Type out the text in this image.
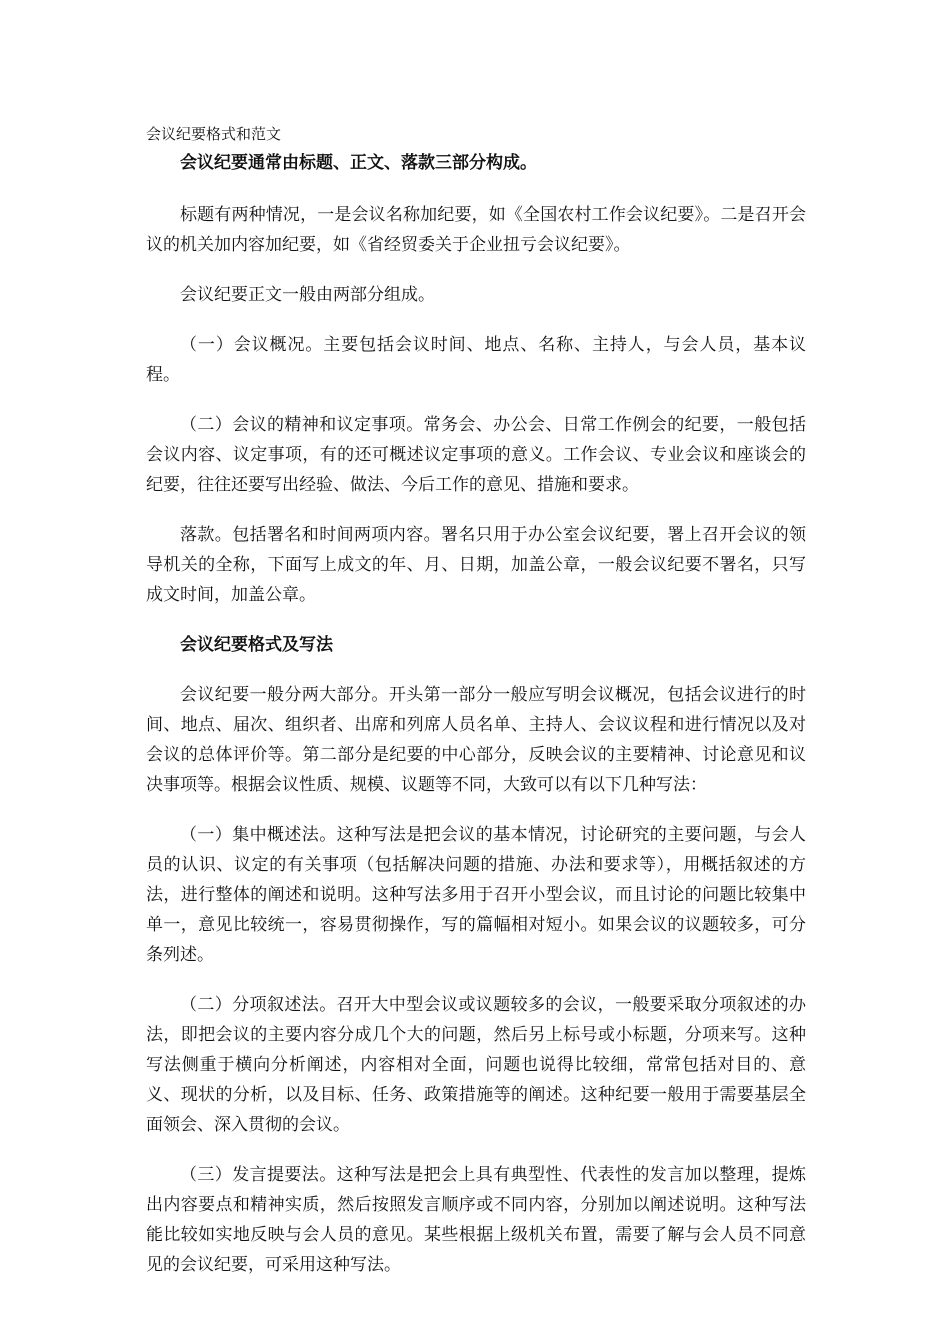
会议纪要格式和范文

会议纪要通常由标题、正文、落款三部分构成。

标题有两种情况，一是会议名称加纪要，如《全国农村工作会议纪要》。二是召开会议的机关加内容加纪要，如《省经贸委关于企业扭亏会议纪要》。

会议纪要正文一般由两部分组成。

（一）会议概况。主要包括会议时间、地点、名称、主持人，与会人员，基本议程。

（二）会议的精神和议定事项。常务会、办公会、日常工作例会的纪要，一般包括会议内容、议定事项，有的还可概述议定事项的意义。工作会议、专业会议和座谈会的纪要，往往还要写出经验、做法、今后工作的意见、措施和要求。

落款。包括署名和时间两项内容。署名只用于办公室会议纪要，署上召开会议的领导机关的全称，下面写上成文的年、月、日期，加盖公章，一般会议纪要不署名，只写成文时间，加盖公章。

会议纪要格式及写法

会议纪要一般分两大部分。开头第一部分一般应写明会议概况，包括会议进行的时间、地点、届次、组织者、出席和列席人员名单、主持人、会议议程和进行情况以及对会议的总体评价等。第二部分是纪要的中心部分，反映会议的主要精神、讨论意见和议决事项等。根据会议性质、规模、议题等不同，大致可以有以下几种写法：

（一）集中概述法。这种写法是把会议的基本情况，讨论研究的主要问题，与会人员的认识、议定的有关事项（包括解决问题的措施、办法和要求等），用概括叙述的方法，进行整体的阐述和说明。这种写法多用于召开小型会议，而且讨论的问题比较集中单一，意见比较统一，容易贯彻操作，写的篇幅相对短小。如果会议的议题较多，可分条列述。

（二）分项叙述法。召开大中型会议或议题较多的会议，一般要采取分项叙述的办法，即把会议的主要内容分成几个大的问题，然后另上标号或小标题，分项来写。这种写法侧重于横向分析阐述，内容相对全面，问题也说得比较细，常常包括对目的、意义、现状的分析，以及目标、任务、政策措施等的阐述。这种纪要一般用于需要基层全面领会、深入贯彻的会议。

（三）发言提要法。这种写法是把会上具有典型性、代表性的发言加以整理，提炼出内容要点和精神实质，然后按照发言顺序或不同内容，分别加以阐述说明。这种写法能比较如实地反映与会人员的意见。某些根据上级机关布置，需要了解与会人员不同意见的会议纪要，可采用这种写法。
